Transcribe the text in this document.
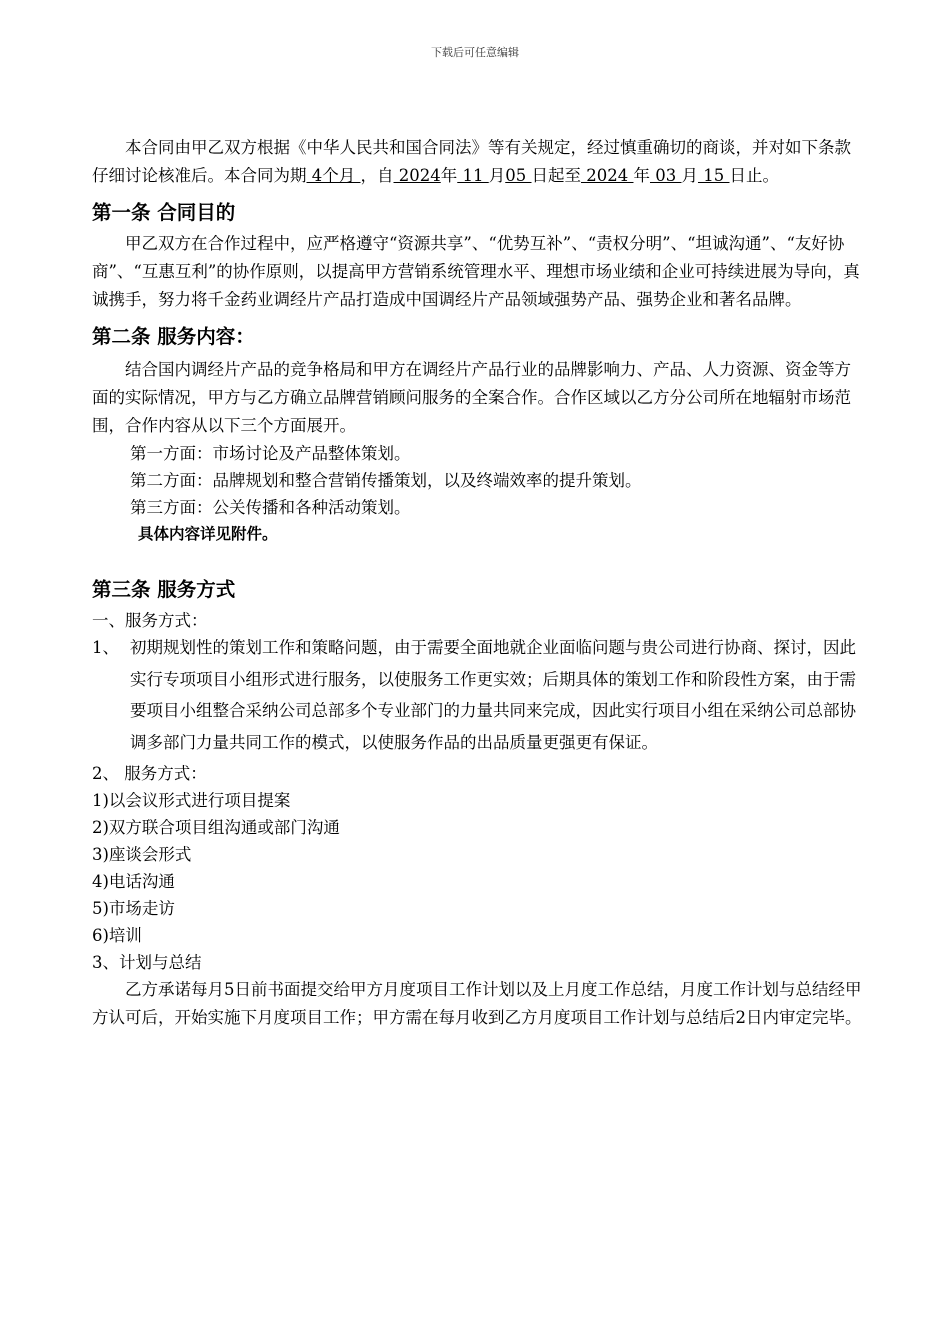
下载后可任意编辑

本合同由甲乙双方根据《中华人民共和国合同法》等有关规定，经过慎重确切的商谈，并对如下条款仔细讨论核准后。本合同为期 4个月 ，自 2024年 11 月05 日起至 2024 年 03 月 15 日止。

第一条 合同目的

甲乙双方在合作过程中，应严格遵守“资源共享”、“优势互补”、“责权分明”、“坦诚沟通”、“友好协商”、“互惠互利”的协作原则，以提高甲方营销系统管理水平、理想市场业绩和企业可持续进展为导向，真诚携手，努力将千金药业调经片产品打造成中国调经片产品领域强势产品、强势企业和著名品牌。

第二条 服务内容：

结合国内调经片产品的竞争格局和甲方在调经片产品行业的品牌影响力、产品、人力资源、资金等方面的实际情况，甲方与乙方确立品牌营销顾问服务的全案合作。合作区域以乙方分公司所在地辐射市场范围，合作内容从以下三个方面展开。

第一方面：市场讨论及产品整体策划。

第二方面：品牌规划和整合营销传播策划，以及终端效率的提升策划。

第三方面：公关传播和各种活动策划。

具体内容详见附件。

第三条 服务方式

一、服务方式：

1、 初期规划性的策划工作和策略问题，由于需要全面地就企业面临问题与贵公司进行协商、探讨，因此实行专项项目小组形式进行服务，以使服务工作更实效；后期具体的策划工作和阶段性方案，由于需要项目小组整合采纳公司总部多个专业部门的力量共同来完成，因此实行项目小组在采纳公司总部协调多部门力量共同工作的模式，以使服务作品的出品质量更强更有保证。

2、 服务方式：

1)以会议形式进行项目提案

2)双方联合项目组沟通或部门沟通

3)座谈会形式

4)电话沟通

5)市场走访

6)培训

3、计划与总结

乙方承诺每月5日前书面提交给甲方月度项目工作计划以及上月度工作总结，月度工作计划与总结经甲方认可后，开始实施下月度项目工作；甲方需在每月收到乙方月度项目工作计划与总结后2日内审定完毕。
